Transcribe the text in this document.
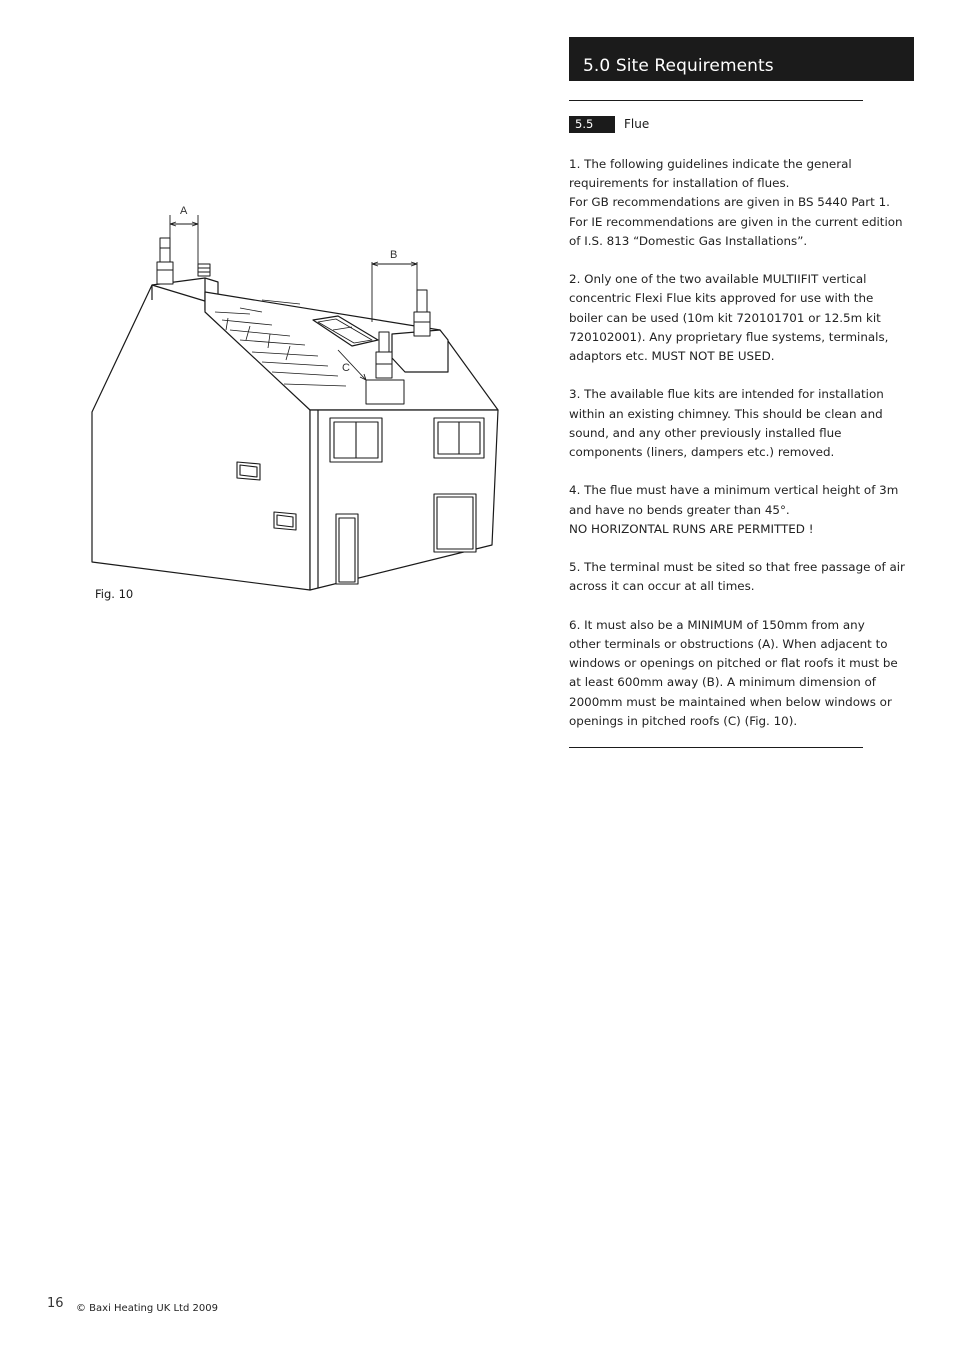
5.0 Site Requirements
5.5	Flue

1. The following guidelines indicate the general
requirements for installation of flues.
For GB recommendations are given in BS 5440 Part 1.
For IE recommendations are given in the current edition
of I.S. 813 “Domestic Gas Installations”.

2. Only one of the two available MULTIIFIT vertical
concentric Flexi Flue kits approved for use with the
boiler can be used (10m kit 720101701 or 12.5m kit
720102001). Any proprietary flue systems, terminals,
adaptors etc. MUST NOT BE USED.

3. The available flue kits are intended for installation
within an existing chimney. This should be clean and
sound, and any other previously installed flue
components (liners, dampers etc.) removed.

4. The flue must have a minimum vertical height of 3m
and have no bends greater than 45°.
NO HORIZONTAL RUNS ARE PERMITTED !

5. The terminal must be sited so that free passage of air
across it can occur at all times.

6. It must also be a MINIMUM of 150mm from any
other terminals or obstructions (A). When adjacent to
windows or openings on pitched or flat roofs it must be
at least 600mm away (B). A minimum dimension of
2000mm must be maintained when below windows or
openings in pitched roofs (C) (Fig. 10).

A
B
C
Fig. 10
16 © Baxi Heating UK Ltd 2009
